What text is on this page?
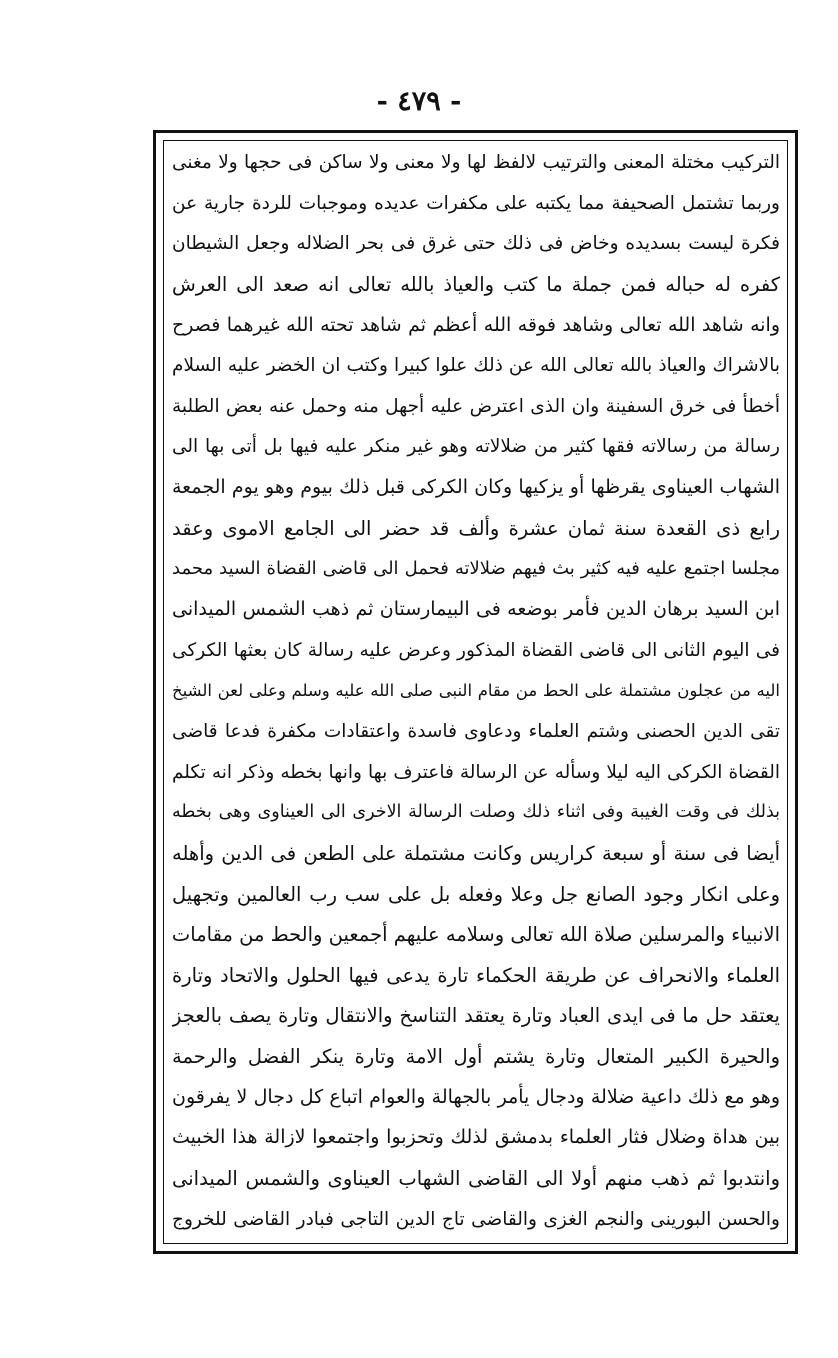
- ٤٧٩ -
التركيب مختلة المعنى والترتيب لالفظ لها ولا معنى ولا ساكن فى حجها ولا مغنى
وربما تشتمل الصحيفة مما يكتبه على مكفرات عديده وموجبات للردة جارية عن
فكرة ليست بسديده وخاض فى ذلك حتى غرق فى بحر الضلاله وجعل الشيطان
كفره له حباله فمن جملة ما كتب والعياذ بالله تعالى انه صعد الى العرش
وانه شاهد الله تعالى وشاهد فوقه الله أعظم ثم شاهد تحته الله غيرهما فصرح
بالاشراك والعياذ بالله تعالى الله عن ذلك علوا كبيرا وكتب ان الخضر عليه السلام
أخطأ فى خرق السفينة وان الذى اعترض عليه أجهل منه وحمل عنه بعض الطلبة
رسالة من رسالاته فقها كثير من ضلالاته وهو غير منكر عليه فيها بل أتى بها الى
الشهاب العيناوى يقرظها أو يزكيها وكان الكركى قبل ذلك بيوم وهو يوم الجمعة
رابع ذى القعدة سنة ثمان عشرة وألف قد حضر الى الجامع الاموى وعقد
مجلسا اجتمع عليه فيه كثير بث فيهم ضلالاته فحمل الى قاضى القضاة السيد محمد
ابن السيد برهان الدين فأمر بوضعه فى البيمارستان ثم ذهب الشمس الميدانى
فى اليوم الثانى الى قاضى القضاة المذكور وعرض عليه رسالة كان بعثها الكركى
اليه من عجلون مشتملة على الحط من مقام النبى صلى الله عليه وسلم وعلى لعن الشيخ
تقى الدين الحصنى وشتم العلماء ودعاوى فاسدة واعتقادات مكفرة فدعا قاضى
القضاة الكركى اليه ليلا وسأله عن الرسالة فاعترف بها وانها بخطه وذكر انه تكلم
بذلك فى وقت الغيبة وفى اثناء ذلك وصلت الرسالة الاخرى الى العيناوى وهى بخطه
أيضا فى سنة أو سبعة كراريس وكانت مشتملة على الطعن فى الدين وأهله
وعلى انكار وجود الصانع جل وعلا وفعله بل على سب رب العالمين وتجهيل
الانبياء والمرسلين صلاة الله تعالى وسلامه عليهم أجمعين والحط من مقامات
العلماء والانحراف عن طريقة الحكماء تارة يدعى فيها الحلول والاتحاد وتارة
يعتقد حل ما فى ايدى العباد وتارة يعتقد التناسخ والانتقال وتارة يصف بالعجز
والحيرة الكبير المتعال وتارة يشتم أول الامة وتارة ينكر الفضل والرحمة
وهو مع ذلك داعية ضلالة ودجال يأمر بالجهالة والعوام اتباع كل دجال لا يفرقون
بين هداة وضلال فثار العلماء بدمشق لذلك وتحزبوا واجتمعوا لازالة هذا الخبيث
وانتدبوا ثم ذهب منهم أولا الى القاضى الشهاب العيناوى والشمس الميدانى
والحسن البورينى والنجم الغزى والقاضى تاج الدين التاجى فبادر القاضى للخروج
